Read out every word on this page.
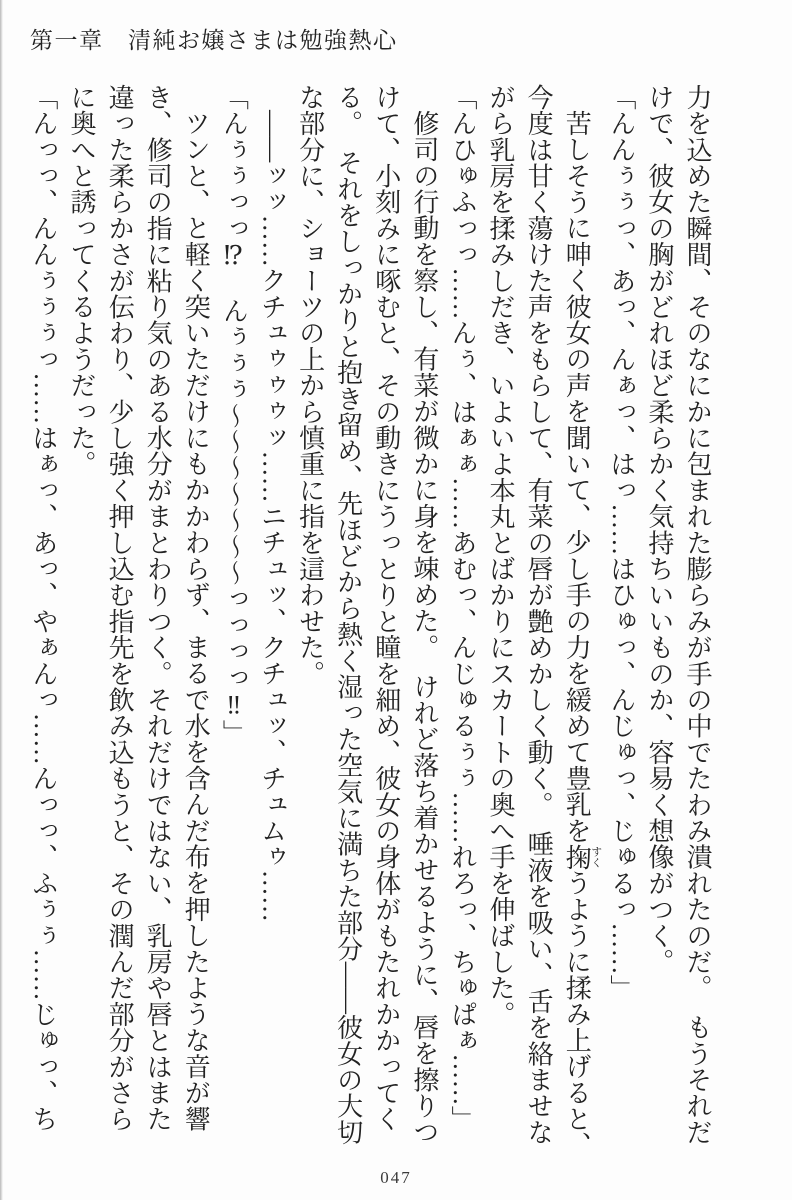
第一章　清純お嬢さまは勉強熱心
力を込めた瞬間、そのなにかに包まれた膨らみが手の中でたわみ潰れたのだ。　もうそれだ
けで、彼女の胸がどれほど柔らかく気持ちいいものか、容易く想像がつく。
「んんぅぅっ、あっ、んぁっ、はっ……はひゅっ、んじゅっ、じゅるっ……」
苦しそうに呻く彼女の声を聞いて、少し手の力を緩めて豊乳を掬すくうように揉み上げると、
今度は甘く蕩けた声をもらして、有菜の唇が艶めかしく動く。　唾液を吸い、舌を絡ませな
がら乳房を揉みしだき、いよいよ本丸とばかりにスカートの奥へ手を伸ばした。
「んひゅふっっ……んぅ、はぁぁ……あむっ、んじゅるぅぅ……れろっ、ちゅぱぁ……」
修司の行動を察し、有菜が微かに身を竦めた。　けれど落ち着かせるように、唇を擦りつ
けて、小刻みに啄むと、その動きにうっとりと瞳を細め、彼女の身体がもたれかかってく
る。　それをしっかりと抱き留め、先ほどから熱く湿った空気に満ちた部分――彼女の大切
な部分に、ショーツの上から慎重に指を這わせた。
――ッッ……クチュゥゥゥッ……ニチュッ、クチュッ、チュムゥ……
「んぅぅっっ⁉　んぅぅぅ～～～～～～～っっっっ‼」
ツンと、と軽く突いただけにもかかわらず、まるで水を含んだ布を押したような音が響
き、修司の指に粘り気のある水分がまとわりつく。それだけではない、乳房や唇とはまた
違った柔らかさが伝わり、少し強く押し込む指先を飲み込もうと、その潤んだ部分がさら
に奥へと誘ってくるようだった。
「んっっ、んんぅぅぅっ……はぁっ、あっ、やぁんっ……んっっ、ふぅぅ……じゅっ、ち
047
